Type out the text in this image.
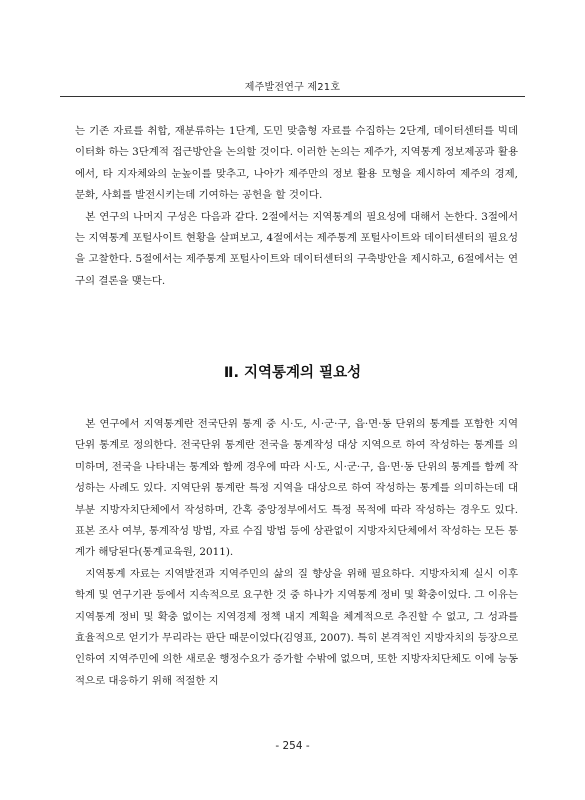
제주발전연구 제21호

는 기존 자료를 취합, 재분류하는 1단계, 도민 맞춤형 자료를 수집하는 2단계, 데이터센터를 빅데이터화 하는 3단계적 접근방안을 논의할 것이다. 이러한 논의는 제주가, 지역통계 정보제공과 활용에서, 타 지자체와의 눈높이를 맞추고, 나아가 제주만의 정보 활용 모형을 제시하여 제주의 경제, 문화, 사회를 발전시키는데 기여하는 공헌을 할 것이다.

본 연구의 나머지 구성은 다음과 같다. 2절에서는 지역통계의 필요성에 대해서 논한다. 3절에서는 지역통계 포털사이트 현황을 살펴보고, 4절에서는 제주통계 포털사이트와 데이터센터의 필요성을 고찰한다. 5절에서는 제주통계 포털사이트와 데이터센터의 구축방안을 제시하고, 6절에서는 연구의 결론을 맺는다.

Ⅱ. 지역통계의 필요성

본 연구에서 지역통계란 전국단위 통계 중 시·도, 시·군·구, 읍·면·동 단위의 통계를 포함한 지역단위 통계로 정의한다. 전국단위 통계란 전국을 통계작성 대상 지역으로 하여 작성하는 통계를 의미하며, 전국을 나타내는 통계와 함께 경우에 따라 시·도, 시·군·구, 읍·면·동 단위의 통계를 함께 작성하는 사례도 있다. 지역단위 통계란 특정 지역을 대상으로 하여 작성하는 통계를 의미하는데 대부분 지방자치단체에서 작성하며, 간혹 중앙정부에서도 특정 목적에 따라 작성하는 경우도 있다. 표본 조사 여부, 통계작성 방법, 자료 수집 방법 등에 상관없이 지방자치단체에서 작성하는 모든 통계가 해당된다(통계교육원, 2011).

지역통계 자료는 지역발전과 지역주민의 삶의 질 향상을 위해 필요하다. 지방자치제 실시 이후 학계 및 연구기관 등에서 지속적으로 요구한 것 중 하나가 지역통계 정비 및 확충이었다. 그 이유는 지역통계 정비 및 확충 없이는 지역경제 정책 내지 계획을 체계적으로 추진할 수 없고, 그 성과를 효율적으로 얻기가 무리라는 판단 때문이었다(김영표, 2007). 특히 본격적인 지방자치의 등장으로 인하여 지역주민에 의한 새로운 행정수요가 증가할 수밖에 없으며, 또한 지방자치단체도 이에 능동적으로 대응하기 위해 적절한 지

- 254 -
